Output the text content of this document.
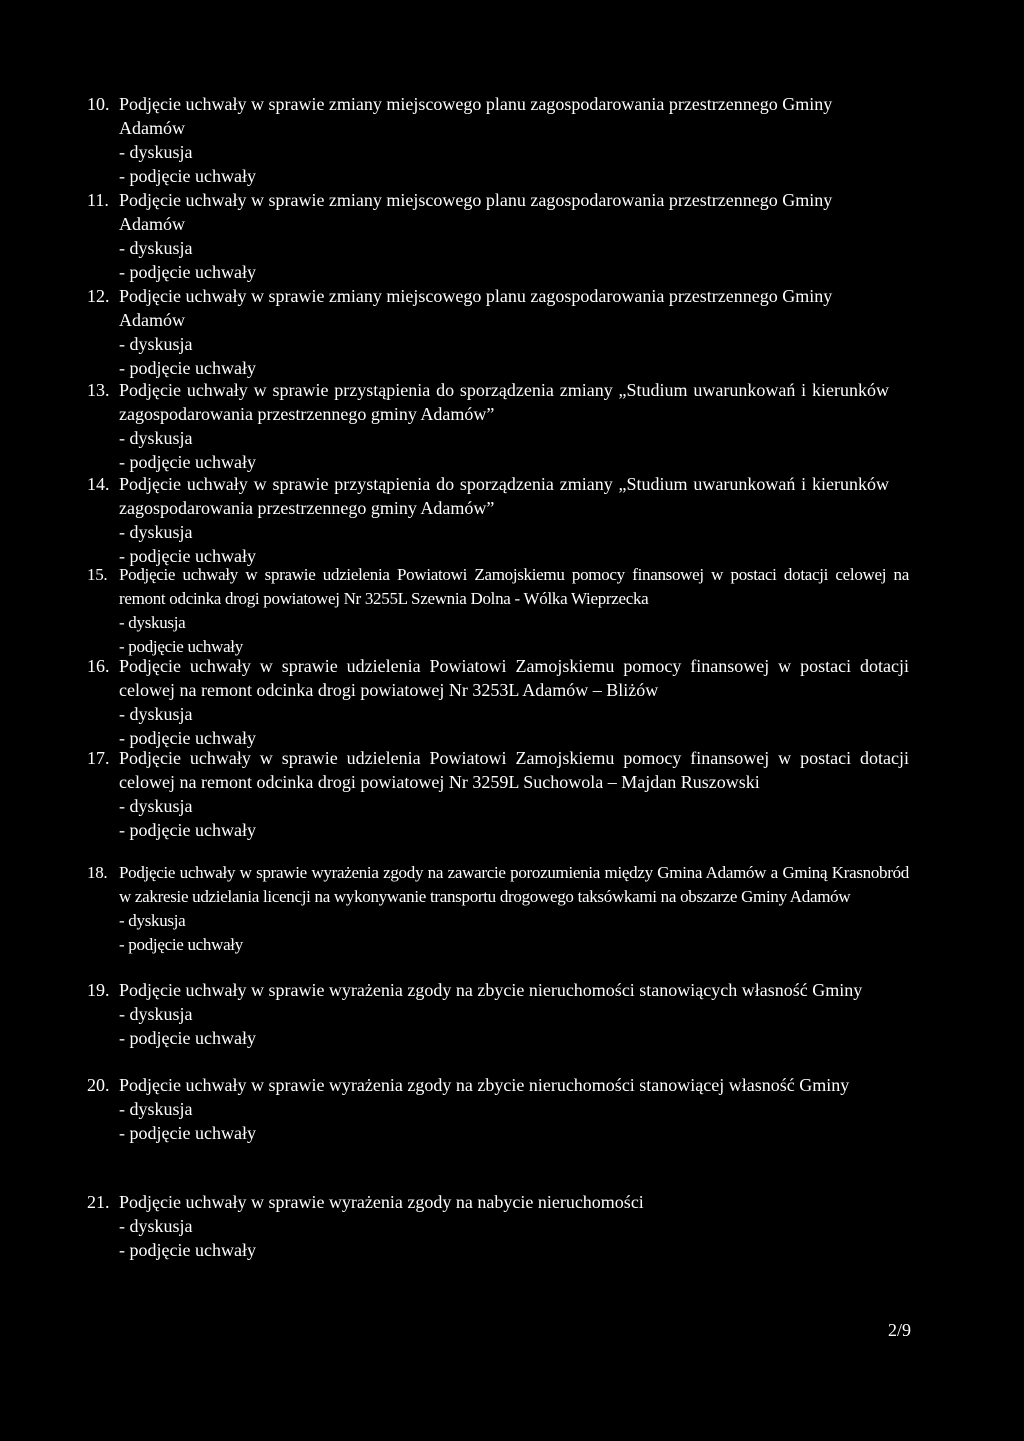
10. Podjęcie uchwały w sprawie zmiany miejscowego planu zagospodarowania przestrzennego Gminy Adamów
- dyskusja
- podjęcie uchwały
11. Podjęcie uchwały w sprawie zmiany miejscowego planu zagospodarowania przestrzennego Gminy Adamów
- dyskusja
- podjęcie uchwały
12. Podjęcie uchwały w sprawie zmiany miejscowego planu zagospodarowania przestrzennego Gminy Adamów
- dyskusja
- podjęcie uchwały
13. Podjęcie uchwały w sprawie przystąpienia do sporządzenia zmiany „Studium uwarunkowań i kierunków zagospodarowania przestrzennego gminy Adamów”
- dyskusja
- podjęcie uchwały
14. Podjęcie uchwały w sprawie przystąpienia do sporządzenia zmiany „Studium uwarunkowań i kierunków zagospodarowania przestrzennego gminy Adamów”
- dyskusja
- podjęcie uchwały
15. Podjęcie uchwały w sprawie udzielenia Powiatowi Zamojskiemu pomocy finansowej w postaci dotacji celowej na remont odcinka drogi powiatowej Nr 3255L Szewnia Dolna - Wólka Wieprzecka
- dyskusja
- podjęcie uchwały
16. Podjęcie uchwały w sprawie udzielenia Powiatowi Zamojskiemu pomocy finansowej w postaci dotacji celowej na remont odcinka drogi powiatowej Nr 3253L Adamów – Bliżów
- dyskusja
- podjęcie uchwały
17. Podjęcie uchwały w sprawie udzielenia Powiatowi Zamojskiemu pomocy finansowej w postaci dotacji celowej na remont odcinka drogi powiatowej Nr 3259L Suchowola – Majdan Ruszowski
- dyskusja
- podjęcie uchwały
18. Podjęcie uchwały w sprawie wyrażenia zgody na zawarcie porozumienia między Gmina Adamów a Gminą Krasnobród w zakresie udzielania licencji na wykonywanie transportu drogowego taksówkami na obszarze Gminy Adamów
- dyskusja
- podjęcie uchwały
19. Podjęcie uchwały w sprawie wyrażenia zgody na zbycie nieruchomości stanowiących własność Gminy
- dyskusja
- podjęcie uchwały
20. Podjęcie uchwały w sprawie wyrażenia zgody na zbycie nieruchomości stanowiącej własność Gminy
- dyskusja
- podjęcie uchwały
21. Podjęcie uchwały w sprawie wyrażenia zgody na nabycie nieruchomości
- dyskusja
- podjęcie uchwały
2/9
